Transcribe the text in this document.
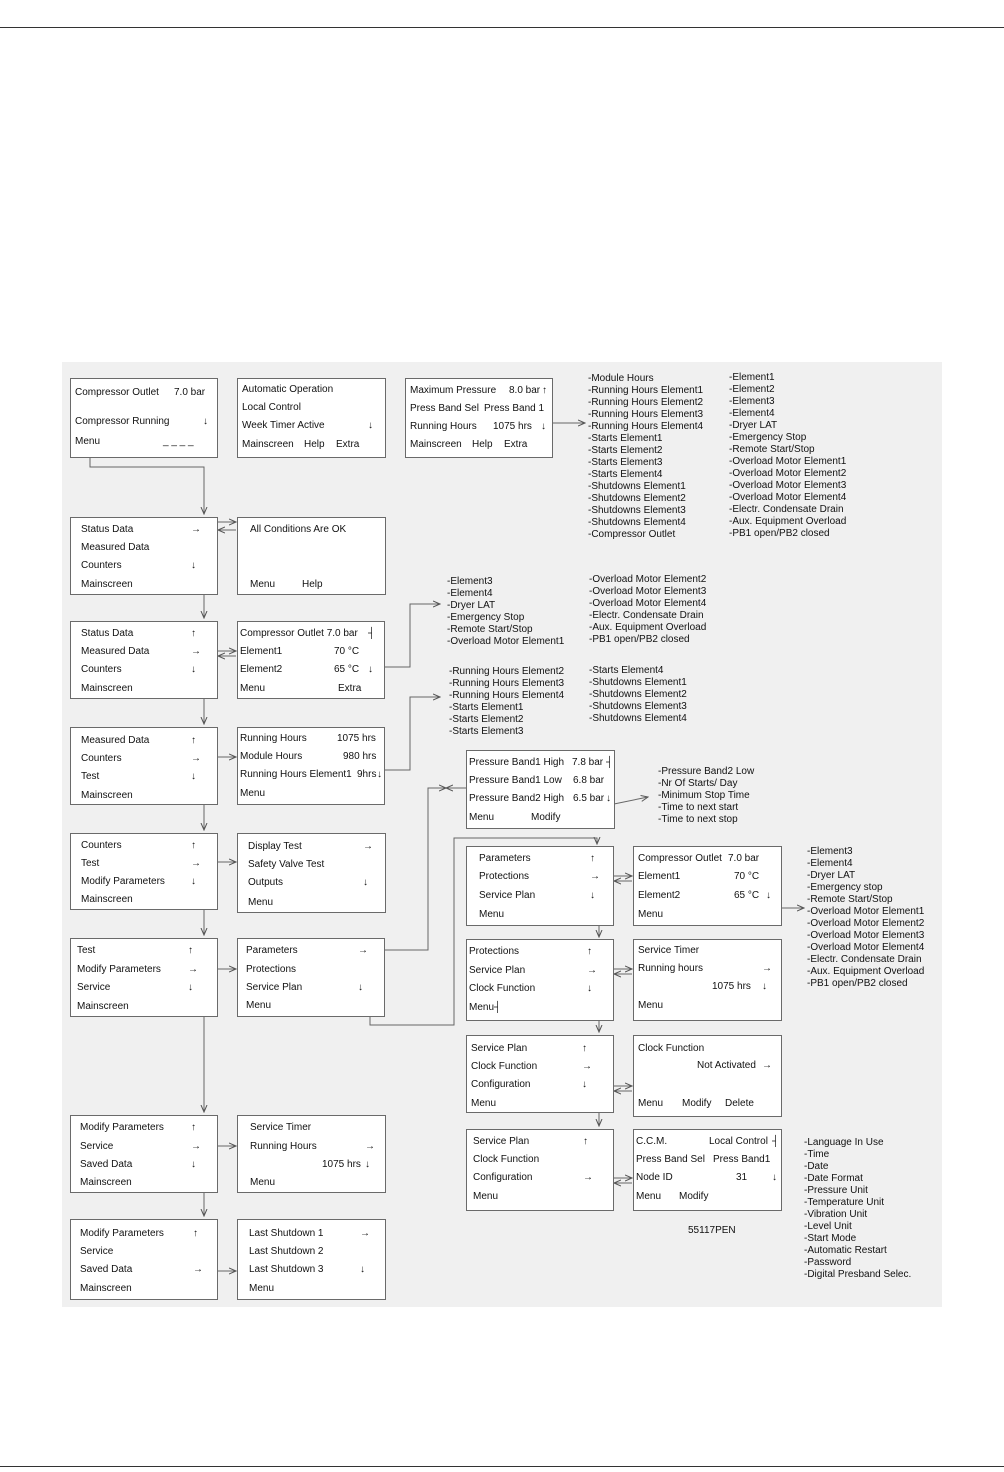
Compressor Outlet 7.0 bar
Compressor Running	↓
Menu	_ _ _ _
Automatic Operation
Local Control
Week Timer Active	↓
Mainscreen Help Extra
Maximum Pressure 8.0 bar ↑
Press Band Sel Press Band 1
Running Hours 1075 hrs ↓
Mainscreen Help Extra
Status Data	→
Measured Data
Counters	↓
Mainscreen
All Conditions Are OK
Menu	Help
Status Data	↑
Measured Data	→
Counters	↓
Mainscreen
Compressor Outlet 7.0 bar ┤
Element1	70 °C
Element2	65 °C ↓
Menu	Extra
Measured Data	↑
Counters	→
Test	↓
Mainscreen
Running Hours	1075 hrs
Module Hours	980 hrs
Running Hours Element1 9hrs ↓
Menu
Counters	↑
Test	→
Modify Parameters	↓
Mainscreen
Display Test	→
Safety Valve Test
Outputs	↓
Menu
Test	↑
Modify Parameters	→
Service	↓
Mainscreen
Parameters	→
Protections
Service Plan	↓
Menu
Modify Parameters	↑
Service	→
Saved Data	↓
Mainscreen
Service Timer
Running Hours	→
1075 hrs ↓
Menu
Modify Parameters	↑
Service
Saved Data	→
Mainscreen
Last Shutdown 1	→
Last Shutdown 2
Last Shutdown 3	↓
Menu
Pressure Band1 High 7.8 bar ┤
Pressure Band1 Low 6.8 bar
Pressure Band2 High 6.5 bar ↓
Menu	Modify
Parameters	↑
Protections	→
Service Plan	↓
Menu
Compressor Outlet 7.0 bar
Element1	70 °C
Element2	65 °C ↓
Menu
Protections	↑
Service Plan	→
Clock Function	↓
Menu┤
Service Timer
Running hours	→
1075 hrs ↓
Menu
Service Plan	↑
Clock Function	→
Configuration	↓
Menu
Clock Function
Not Activated →
Menu Modify Delete
Service Plan	↑
Clock Function
Configuration	→
Menu
C.C.M.	Local Control ┤
Press Band Sel Press Band1
Node ID	31 ↓
Menu Modify
-Module Hours
-Running Hours Element1
-Running Hours Element2
-Running Hours Element3
-Running Hours Element4
-Starts Element1
-Starts Element2
-Starts Element3
-Starts Element4
-Shutdowns Element1
-Shutdowns Element2
-Shutdowns Element3
-Shutdowns Element4
-Compressor Outlet
-Element1
-Element2
-Element3
-Element4
-Dryer LAT
-Emergency Stop
-Remote Start/Stop
-Overload Motor Element1
-Overload Motor Element2
-Overload Motor Element3
-Overload Motor Element4
-Electr. Condensate Drain
-Aux. Equipment Overload
-PB1 open/PB2 closed
-Element3
-Element4
-Dryer LAT
-Emergency Stop
-Remote Start/Stop
-Overload Motor Element1
-Overload Motor Element2
-Overload Motor Element3
-Overload Motor Element4
-Electr. Condensate Drain
-Aux. Equipment Overload
-PB1 open/PB2 closed
-Running Hours Element2
-Running Hours Element3
-Running Hours Element4
-Starts Element1
-Starts Element2
-Starts Element3
-Starts Element4
-Shutdowns Element1
-Shutdowns Element2
-Shutdowns Element3
-Shutdowns Element4
-Pressure Band2 Low
-Nr Of Starts/ Day
-Minimum Stop Time
-Time to next start
-Time to next stop
-Element3
-Element4
-Dryer LAT
-Emergency stop
-Remote Start/Stop
-Overload Motor Element1
-Overload Motor Element2
-Overload Motor Element3
-Overload Motor Element4
-Electr. Condensate Drain
-Aux. Equipment Overload
-PB1 open/PB2 closed
-Language In Use
-Time
-Date
-Date Format
-Pressure Unit
-Temperature Unit
-Vibration Unit
-Level Unit
-Start Mode
-Automatic Restart
-Password
-Digital Presband Selec.
55117PEN
